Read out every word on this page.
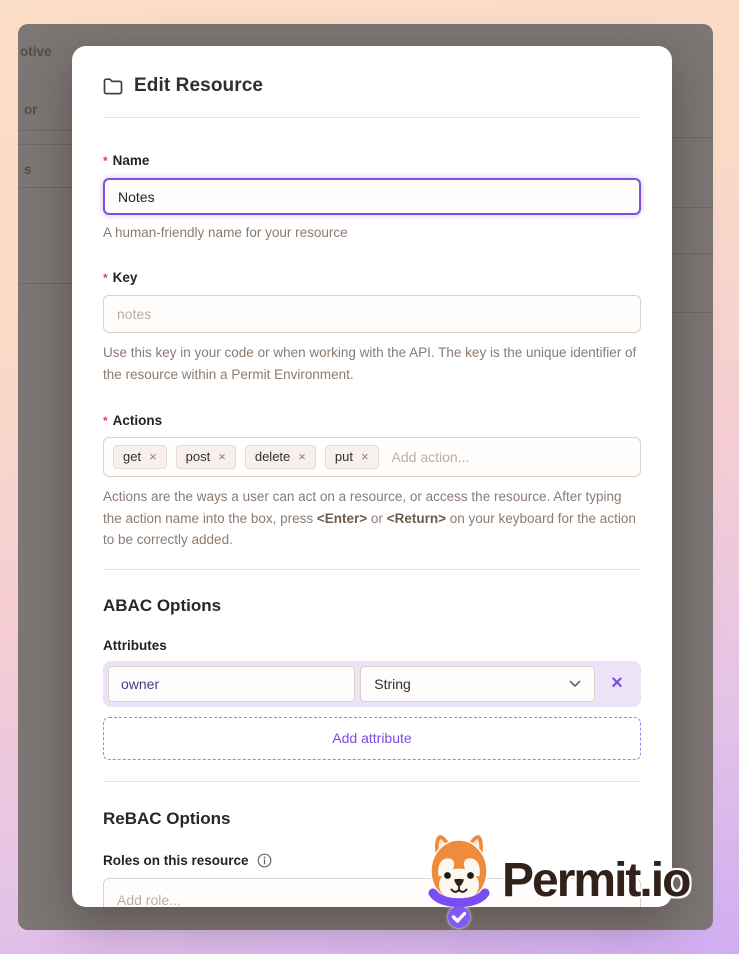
otive
or
s
Edit Resource
* Name
Notes
A human-friendly name for your resource
* Key
notes
Use this key in your code or when working with the API. The key is the unique identifier of the resource within a Permit Environment.
* Actions
get × post × delete × put × Add action...
Actions are the ways a user can act on a resource, or access the resource. After typing the action name into the box, press <Enter> or <Return> on your keyboard for the action to be correctly added.
ABAC Options
Attributes
owner
String	×
Add attribute
ReBAC Options
Roles on this resource
Add role...	Permit.io
